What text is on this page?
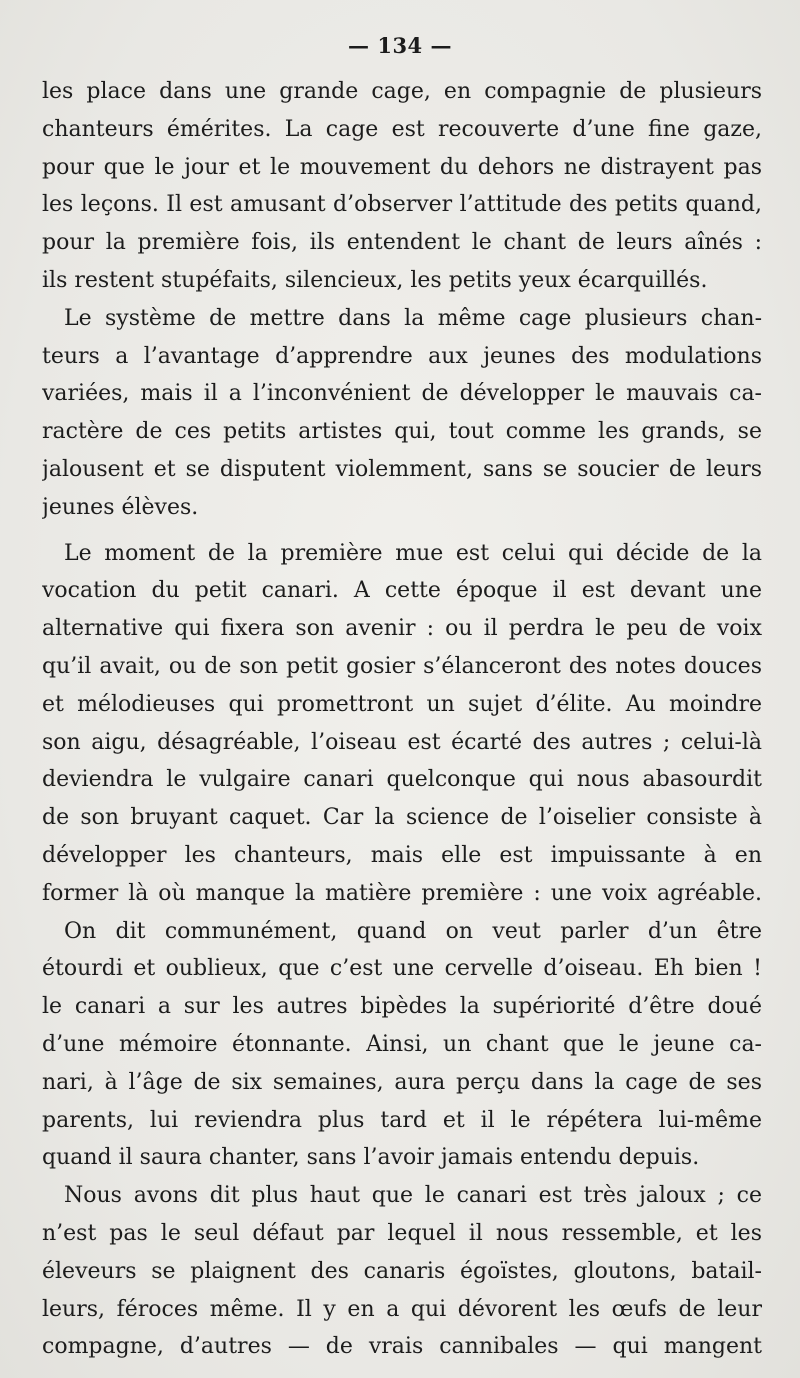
— 134 —
les place dans une grande cage, en compagnie de plusieurs
chanteurs émérites. La cage est recouverte d’une fine gaze,
pour que le jour et le mouvement du dehors ne distrayent pas
les leçons. Il est amusant d’observer l’attitude des petits quand,
pour la première fois, ils entendent le chant de leurs aînés :
ils restent stupéfaits, silencieux, les petits yeux écarquillés.
Le système de mettre dans la même cage plusieurs chan-
teurs a l’avantage d’apprendre aux jeunes des modulations
variées, mais il a l’inconvénient de développer le mauvais ca-
ractère de ces petits artistes qui, tout comme les grands, se
jalousent et se disputent violemment, sans se soucier de leurs
jeunes élèves.
Le moment de la première mue est celui qui décide de la
vocation du petit canari. A cette époque il est devant une
alternative qui fixera son avenir : ou il perdra le peu de voix
qu’il avait, ou de son petit gosier s’élanceront des notes douces
et mélodieuses qui promettront un sujet d’élite. Au moindre
son aigu, désagréable, l’oiseau est écarté des autres ; celui-là
deviendra le vulgaire canari quelconque qui nous abasourdit
de son bruyant caquet. Car la science de l’oiselier consiste à
développer les chanteurs, mais elle est impuissante à en
former là où manque la matière première : une voix agréable.
On dit communément, quand on veut parler d’un être
étourdi et oublieux, que c’est une cervelle d’oiseau. Eh bien !
le canari a sur les autres bipèdes la supériorité d’être doué
d’une mémoire étonnante. Ainsi, un chant que le jeune ca-
nari, à l’âge de six semaines, aura perçu dans la cage de ses
parents, lui reviendra plus tard et il le répétera lui-même
quand il saura chanter, sans l’avoir jamais entendu depuis.
Nous avons dit plus haut que le canari est très jaloux ; ce
n’est pas le seul défaut par lequel il nous ressemble, et les
éleveurs se plaignent des canaris égoïstes, gloutons, batail-
leurs, féroces même. Il y en a qui dévorent les œufs de leur
compagne, d’autres — de vrais cannibales — qui mangent
